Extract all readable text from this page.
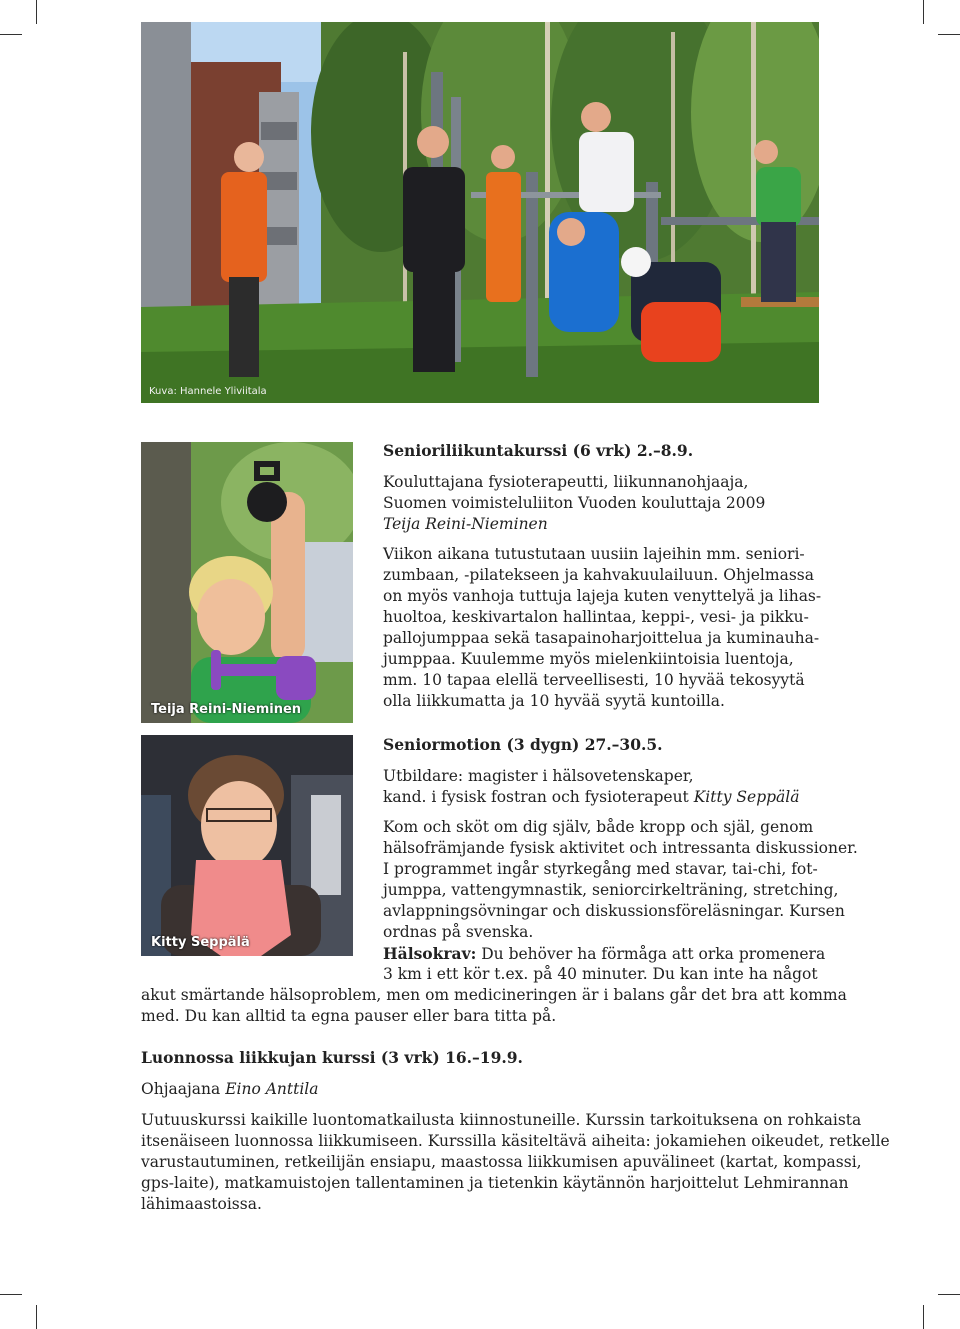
Kuva: Hannele Yliviitala
Teija Reini-Nieminen
Kitty Seppälä
Senioriliikuntakurssi (6 vrk) 2.–8.9.
Kouluttajana fysioterapeutti, liikunnanohjaaja,
Suomen voimisteluliiton Vuoden kouluttaja 2009
Teija Reini-Nieminen
Viikon aikana tutustutaan uusiin lajeihin mm. seniori-
zumbaan, -pilatekseen ja kahvakuulailuun. Ohjelmassa
on myös vanhoja tuttuja lajeja kuten venyttelyä ja lihas-
huoltoa, keskivartalon hallintaa, keppi-, vesi- ja pikku-
pallojumppaa sekä tasapainoharjoittelua ja kuminauha-
jumppaa. Kuulemme myös mielenkiintoisia luentoja,
mm. 10 tapaa elellä terveellisesti, 10 hyvää tekosyytä
olla liikkumatta ja 10 hyvää syytä kuntoilla.
Seniormotion (3 dygn) 27.–30.5.
Utbildare: magister i hälsovetenskaper,
kand. i fysisk fostran och fysioterapeut Kitty Seppälä
Kom och sköt om dig själv, både kropp och själ, genom
hälsofrämjande fysisk aktivitet och intressanta diskussioner.
I programmet ingår styrkegång med stavar, tai-chi, fot-
jumppa, vattengymnastik, seniorcirkelträning, stretching,
avlappningsövningar och diskussionsföreläsningar. Kursen
ordnas på svenska.
Hälsokrav: Du behöver ha förmåga att orka promenera
3 km i ett kör t.ex. på 40 minuter. Du kan inte ha något
akut smärtande hälsoproblem, men om medicineringen är i balans går det bra att komma
med. Du kan alltid ta egna pauser eller bara titta på.
Luonnossa liikkujan kurssi (3 vrk) 16.–19.9.
Ohjaajana Eino Anttila
Uutuuskurssi kaikille luontomatkailusta kiinnostuneille. Kurssin tarkoituksena on rohkaista
itsenäiseen luonnossa liikkumiseen. Kurssilla käsiteltävä aiheita: jokamiehen oikeudet, retkelle
varustautuminen, retkeilijän ensiapu, maastossa liikkumisen apuvälineet (kartat, kompassi,
gps-laite), matkamuistojen tallentaminen ja tietenkin käytännön harjoittelut Lehmirannan
lähimaastoissa.
